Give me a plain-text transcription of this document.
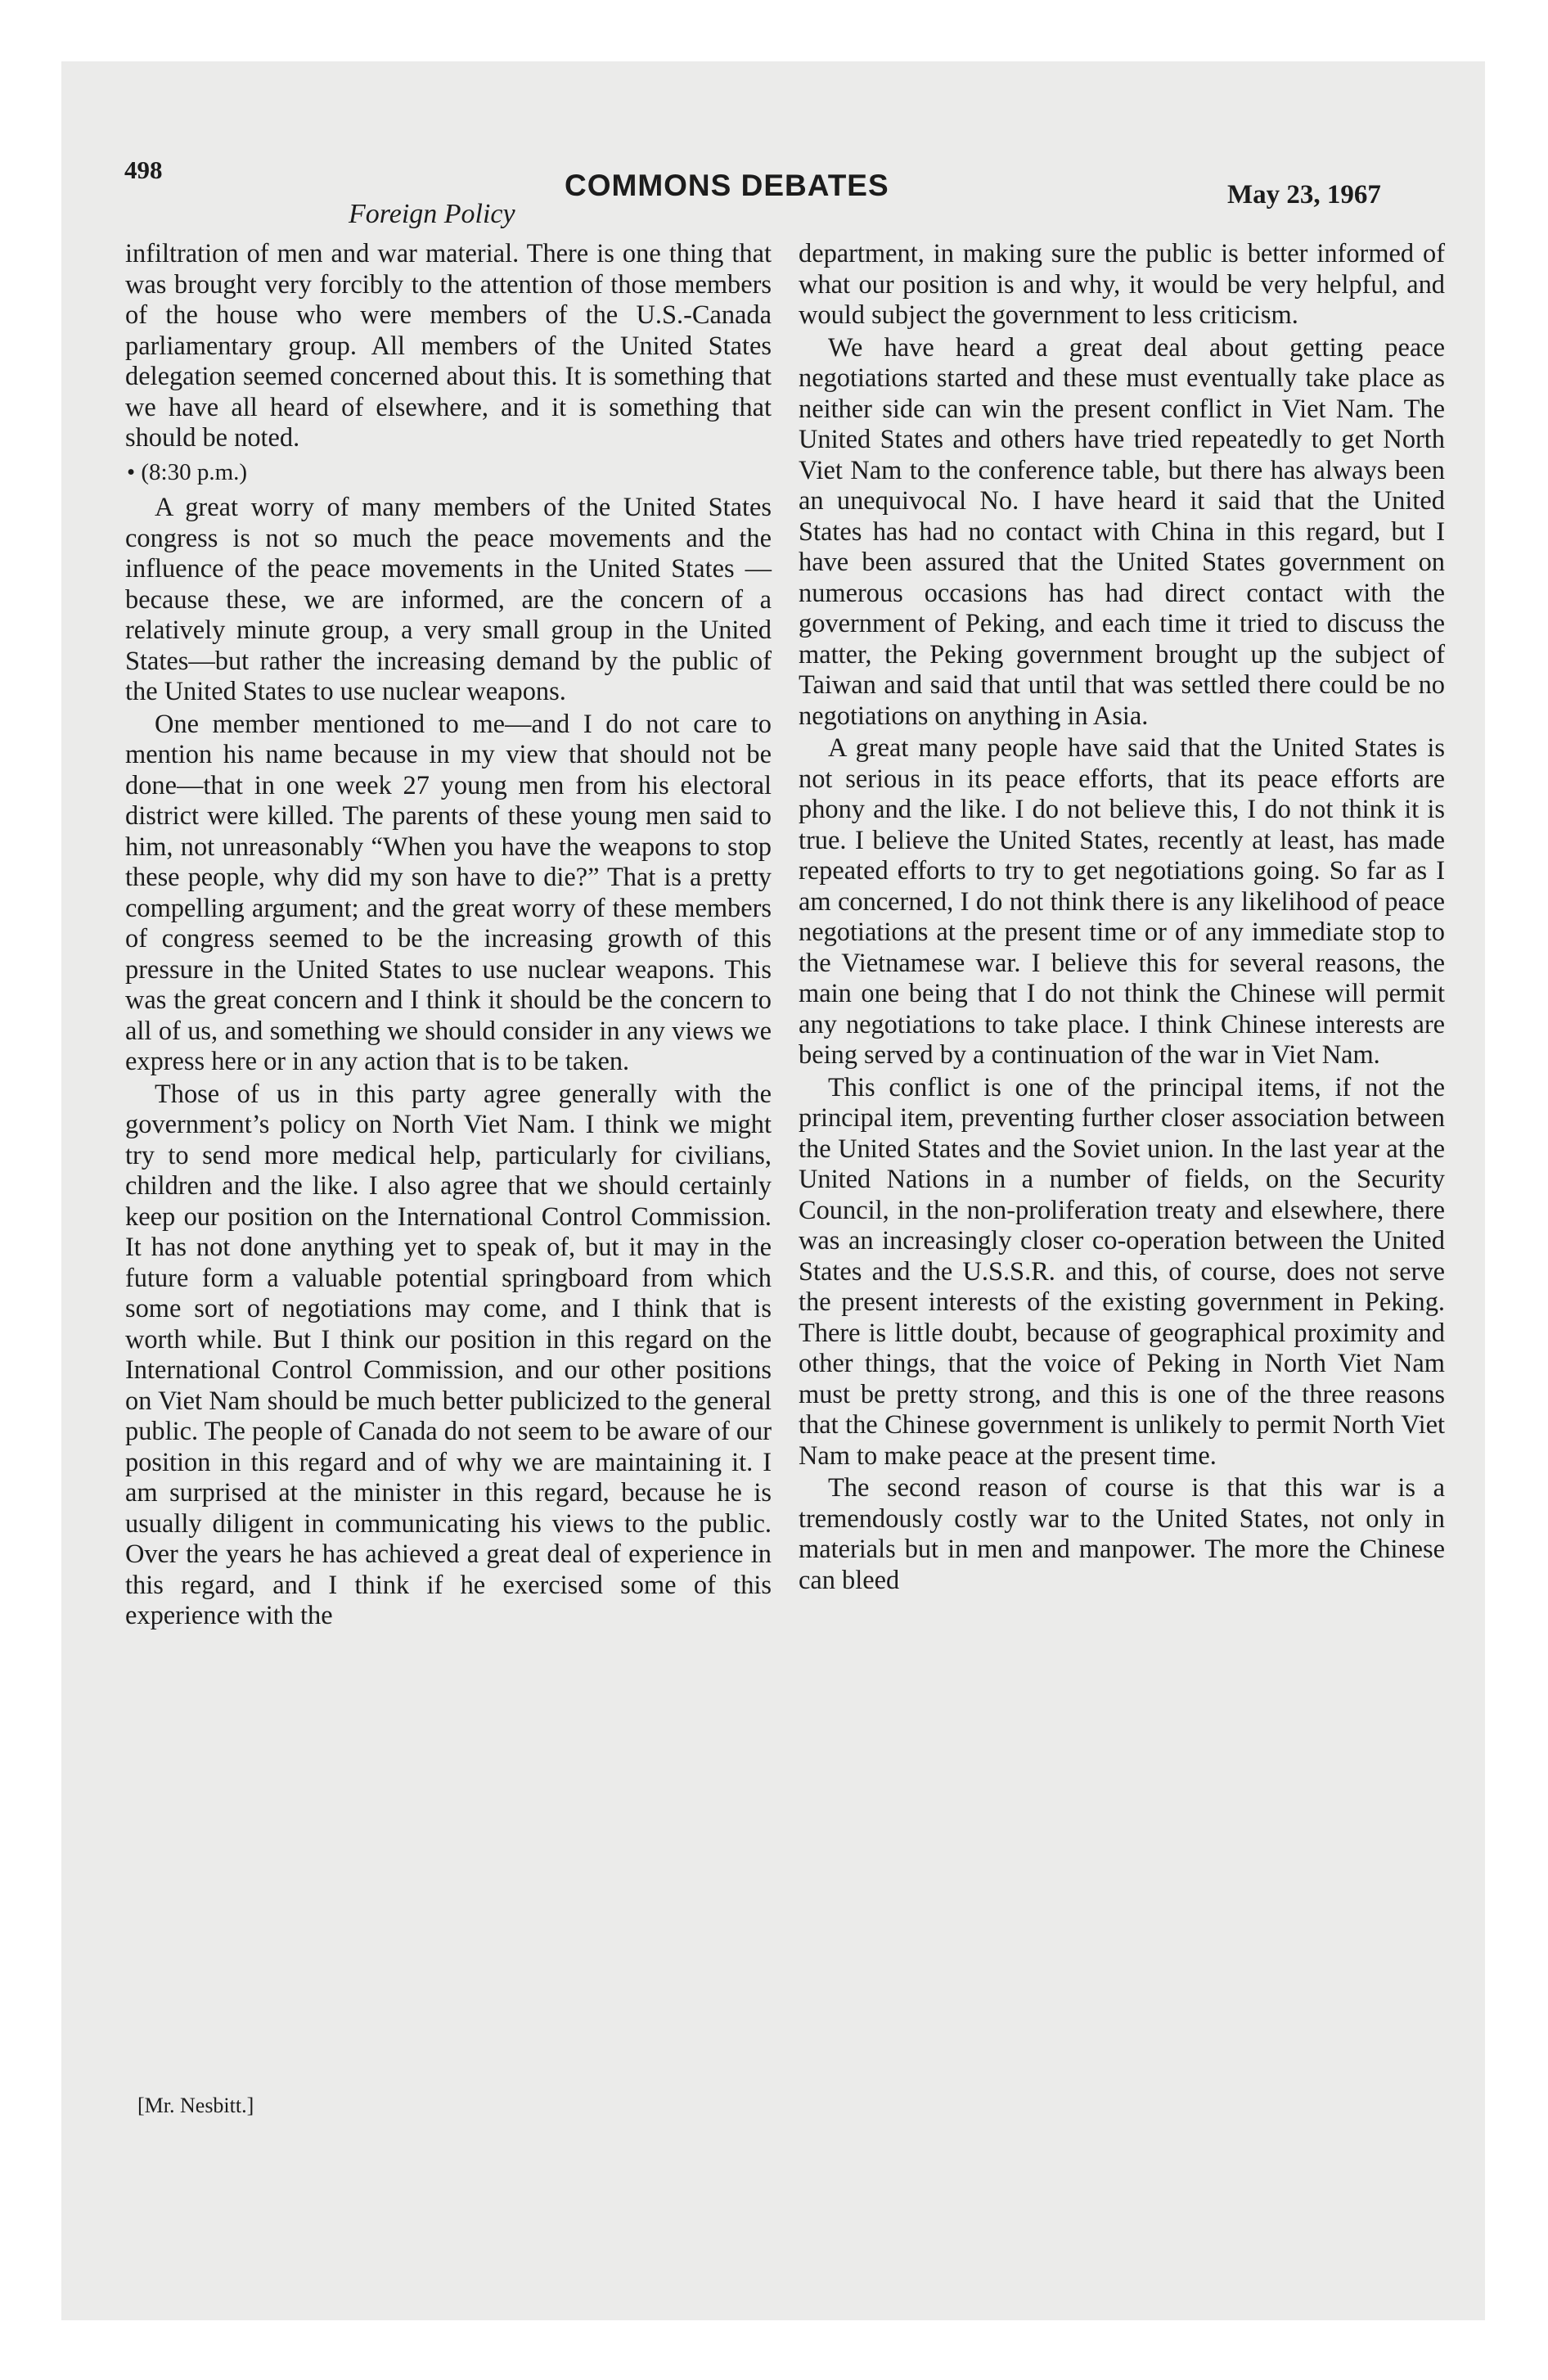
498	COMMONS DEBATES	May 23, 1967
Foreign Policy

infiltration of men and war material. There is one thing that was brought very forcibly to the attention of those members of the house who were members of the U.S.-Canada parliamentary group. All members of the United States delegation seemed concerned about this. It is something that we have all heard of elsewhere, and it is something that should be noted.

• (8:30 p.m.)

A great worry of many members of the United States congress is not so much the peace movements and the influence of the peace movements in the United States —because these, we are informed, are the concern of a relatively minute group, a very small group in the United States—but rather the increasing demand by the public of the United States to use nuclear weapons.

One member mentioned to me—and I do not care to mention his name because in my view that should not be done—that in one week 27 young men from his electoral district were killed. The parents of these young men said to him, not unreasonably “When you have the weapons to stop these people, why did my son have to die?” That is a pretty compelling argument; and the great worry of these members of congress seemed to be the increasing growth of this pressure in the United States to use nuclear weapons. This was the great concern and I think it should be the concern to all of us, and something we should consider in any views we express here or in any action that is to be taken.

Those of us in this party agree generally with the government’s policy on North Viet Nam. I think we might try to send more medical help, particularly for civilians, children and the like. I also agree that we should certainly keep our position on the International Control Commission. It has not done anything yet to speak of, but it may in the future form a valuable potential springboard from which some sort of negotiations may come, and I think that is worth while. But I think our position in this regard on the International Control Commission, and our other positions on Viet Nam should be much better publicized to the general public. The people of Canada do not seem to be aware of our position in this regard and of why we are maintaining it. I am surprised at the minister in this regard, because he is usually diligent in communicating his views to the public. Over the years he has achieved a great deal of experience in this regard, and I think if he exercised some of this experience with the

[Mr. Nesbitt.]

department, in making sure the public is better informed of what our position is and why, it would be very helpful, and would subject the government to less criticism.

We have heard a great deal about getting peace negotiations started and these must eventually take place as neither side can win the present conflict in Viet Nam. The United States and others have tried repeatedly to get North Viet Nam to the conference table, but there has always been an unequivocal No. I have heard it said that the United States has had no contact with China in this regard, but I have been assured that the United States government on numerous occasions has had direct contact with the government of Peking, and each time it tried to discuss the matter, the Peking government brought up the subject of Taiwan and said that until that was settled there could be no negotiations on anything in Asia.

A great many people have said that the United States is not serious in its peace efforts, that its peace efforts are phony and the like. I do not believe this, I do not think it is true. I believe the United States, recently at least, has made repeated efforts to try to get negotiations going. So far as I am concerned, I do not think there is any likelihood of peace negotiations at the present time or of any immediate stop to the Vietnamese war. I believe this for several reasons, the main one being that I do not think the Chinese will permit any negotiations to take place. I think Chinese interests are being served by a continuation of the war in Viet Nam.

This conflict is one of the principal items, if not the principal item, preventing further closer association between the United States and the Soviet union. In the last year at the United Nations in a number of fields, on the Security Council, in the non-proliferation treaty and elsewhere, there was an increasingly closer co-operation between the United States and the U.S.S.R. and this, of course, does not serve the present interests of the existing government in Peking. There is little doubt, because of geographical proximity and other things, that the voice of Peking in North Viet Nam must be pretty strong, and this is one of the three reasons that the Chinese government is unlikely to permit North Viet Nam to make peace at the present time.

The second reason of course is that this war is a tremendously costly war to the United States, not only in materials but in men and manpower. The more the Chinese can bleed
